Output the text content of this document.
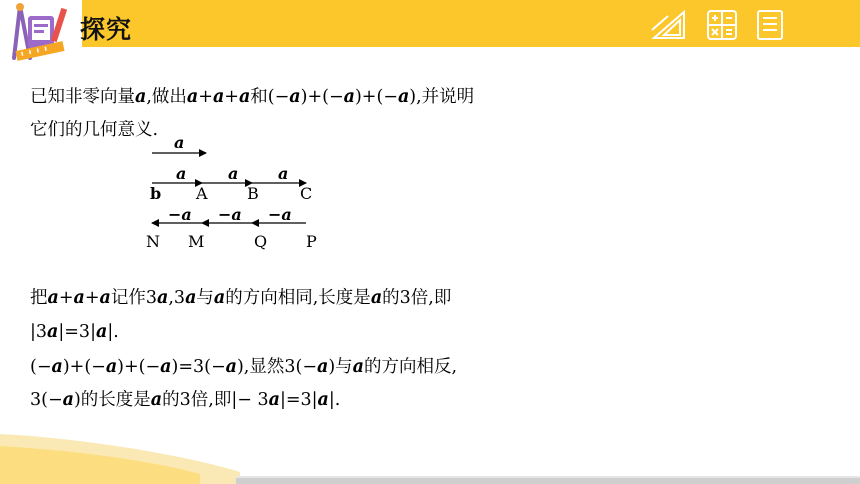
探究
已知非零向量a,做出a+a+a和(−a)+(−a)+(−a),并说明
它们的几何意义.
a
a	a a
b A B	C
−a −a −a
N M	Q P
把a+a+a记作3a,3a与a的方向相同,长度是a的3倍,即
|3a|=3|a|.
(−a)+(−a)+(−a)=3(−a),显然3(−a)与a的方向相反,
3(−a)的长度是a的3倍,即|− 3a|=3|a|.
